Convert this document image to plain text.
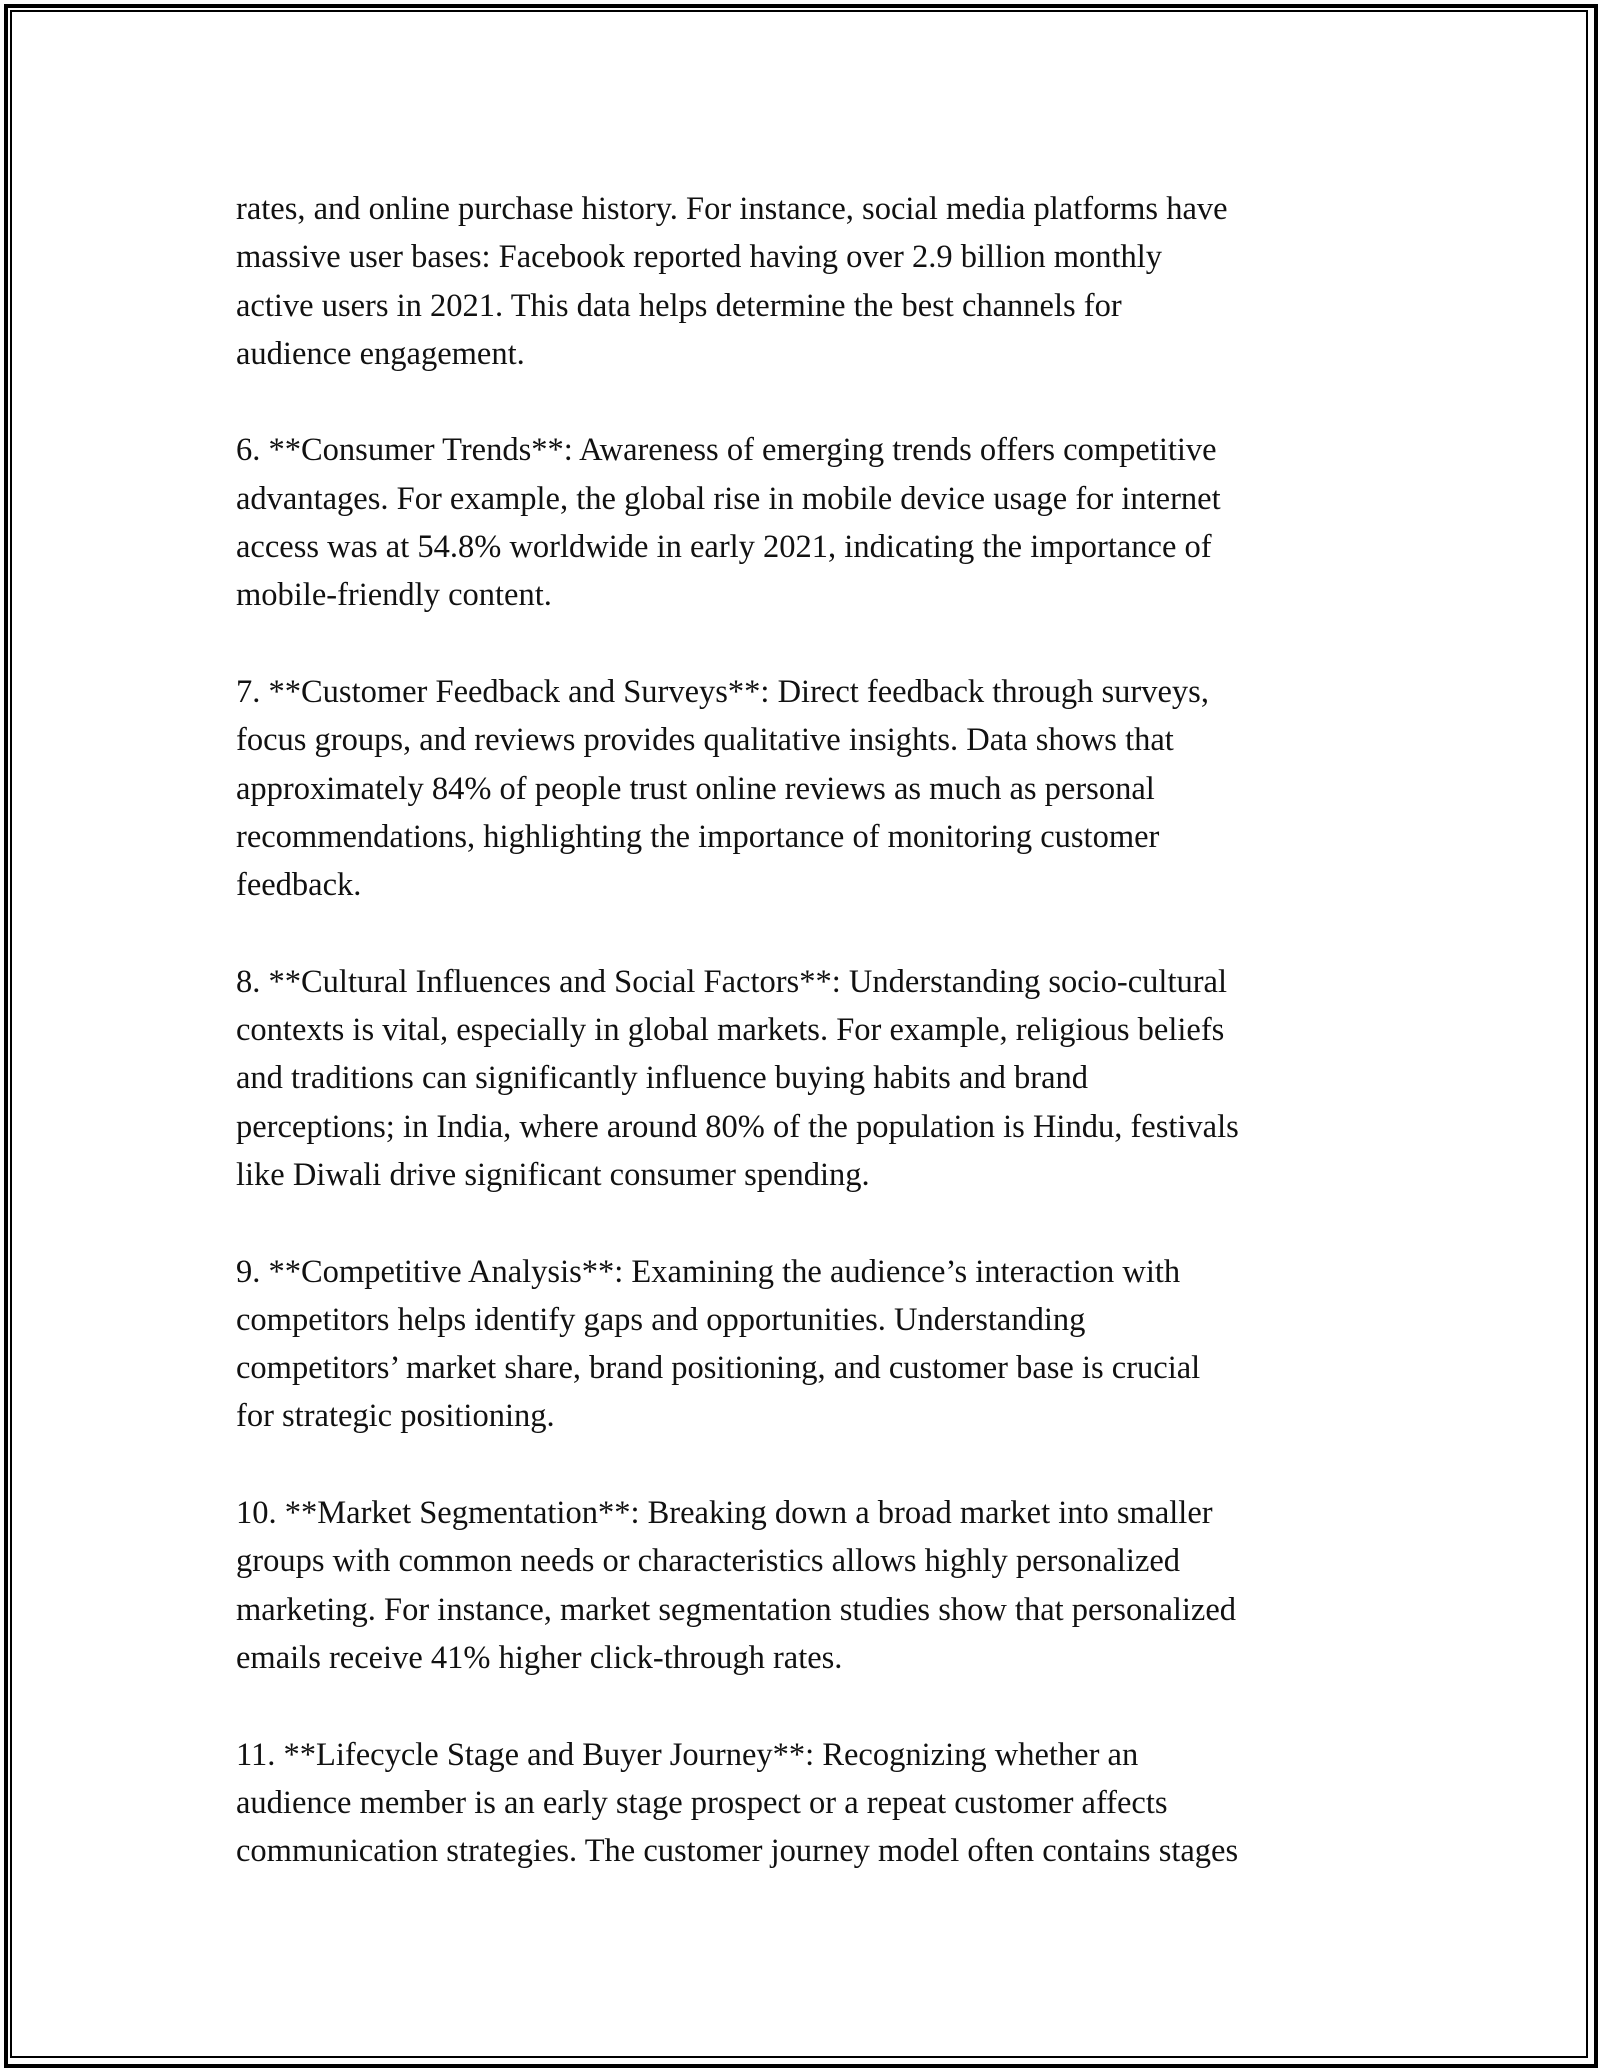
rates, and online purchase history. For instance, social media platforms have
massive user bases: Facebook reported having over 2.9 billion monthly
active users in 2021. This data helps determine the best channels for
audience engagement.

6. **Consumer Trends**: Awareness of emerging trends offers competitive
advantages. For example, the global rise in mobile device usage for internet
access was at 54.8% worldwide in early 2021, indicating the importance of
mobile-friendly content.

7. **Customer Feedback and Surveys**: Direct feedback through surveys,
focus groups, and reviews provides qualitative insights. Data shows that
approximately 84% of people trust online reviews as much as personal
recommendations, highlighting the importance of monitoring customer
feedback.

8. **Cultural Influences and Social Factors**: Understanding socio-cultural
contexts is vital, especially in global markets. For example, religious beliefs
and traditions can significantly influence buying habits and brand
perceptions; in India, where around 80% of the population is Hindu, festivals
like Diwali drive significant consumer spending.

9. **Competitive Analysis**: Examining the audience’s interaction with
competitors helps identify gaps and opportunities. Understanding
competitors’ market share, brand positioning, and customer base is crucial
for strategic positioning.

10. **Market Segmentation**: Breaking down a broad market into smaller
groups with common needs or characteristics allows highly personalized
marketing. For instance, market segmentation studies show that personalized
emails receive 41% higher click-through rates.

11. **Lifecycle Stage and Buyer Journey**: Recognizing whether an
audience member is an early stage prospect or a repeat customer affects
communication strategies. The customer journey model often contains stages
